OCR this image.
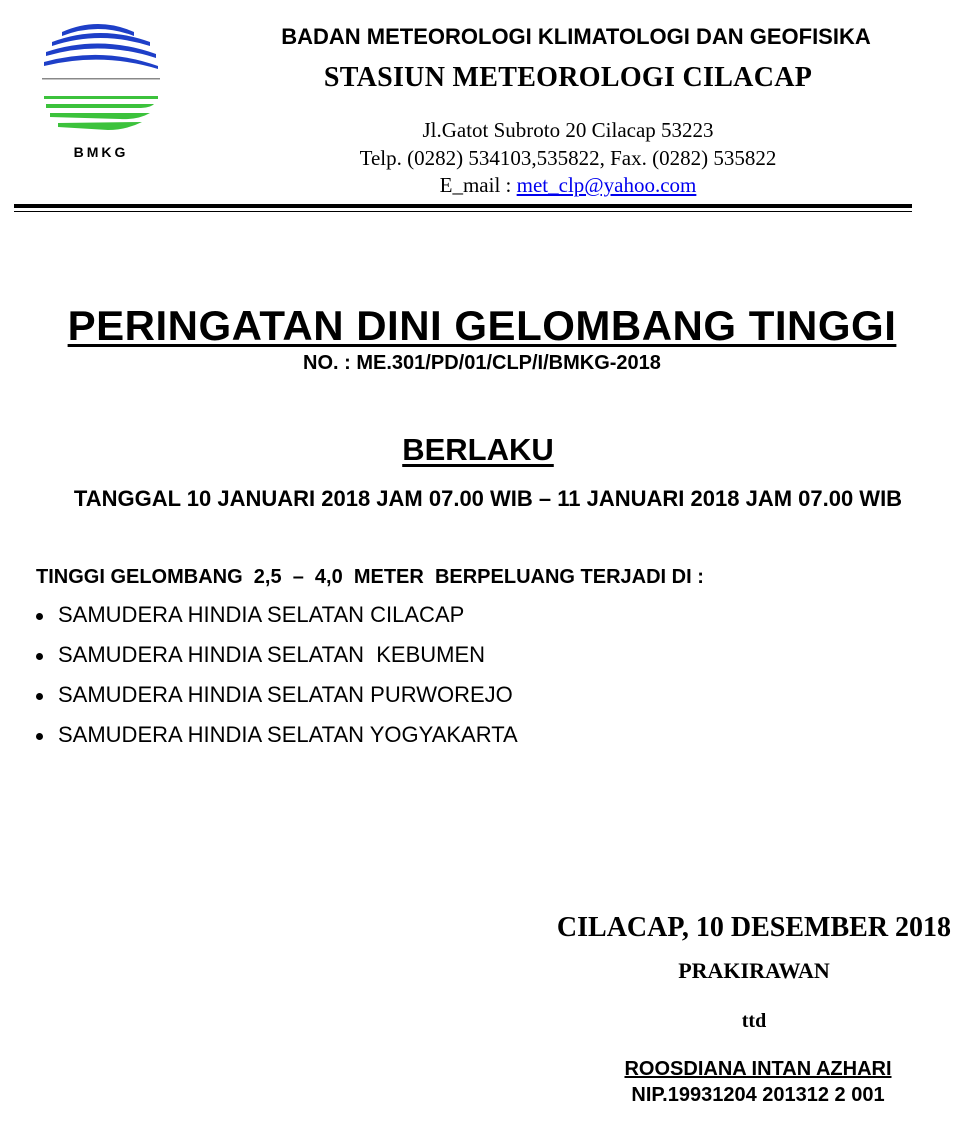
BMKG
BADAN METEOROLOGI KLIMATOLOGI DAN GEOFISIKA
STASIUN METEOROLOGI CILACAP
Jl.Gatot Subroto 20 Cilacap 53223
Telp. (0282) 534103,535822, Fax. (0282) 535822
E_mail : met_clp@yahoo.com
PERINGATAN DINI GELOMBANG TINGGI
NO. : ME.301/PD/01/CLP/I/BMKG-2018
BERLAKU
TANGGAL 10 JANUARI 2018 JAM 07.00 WIB – 11 JANUARI 2018 JAM 07.00 WIB
TINGGI GELOMBANG  2,5  –  4,0  METER  BERPELUANG TERJADI DI :
SAMUDERA HINDIA SELATAN CILACAP
SAMUDERA HINDIA SELATAN  KEBUMEN
SAMUDERA HINDIA SELATAN PURWOREJO
SAMUDERA HINDIA SELATAN YOGYAKARTA
CILACAP, 10 DESEMBER 2018
PRAKIRAWAN
ttd
ROOSDIANA INTAN AZHARI
NIP.19931204 201312 2 001
